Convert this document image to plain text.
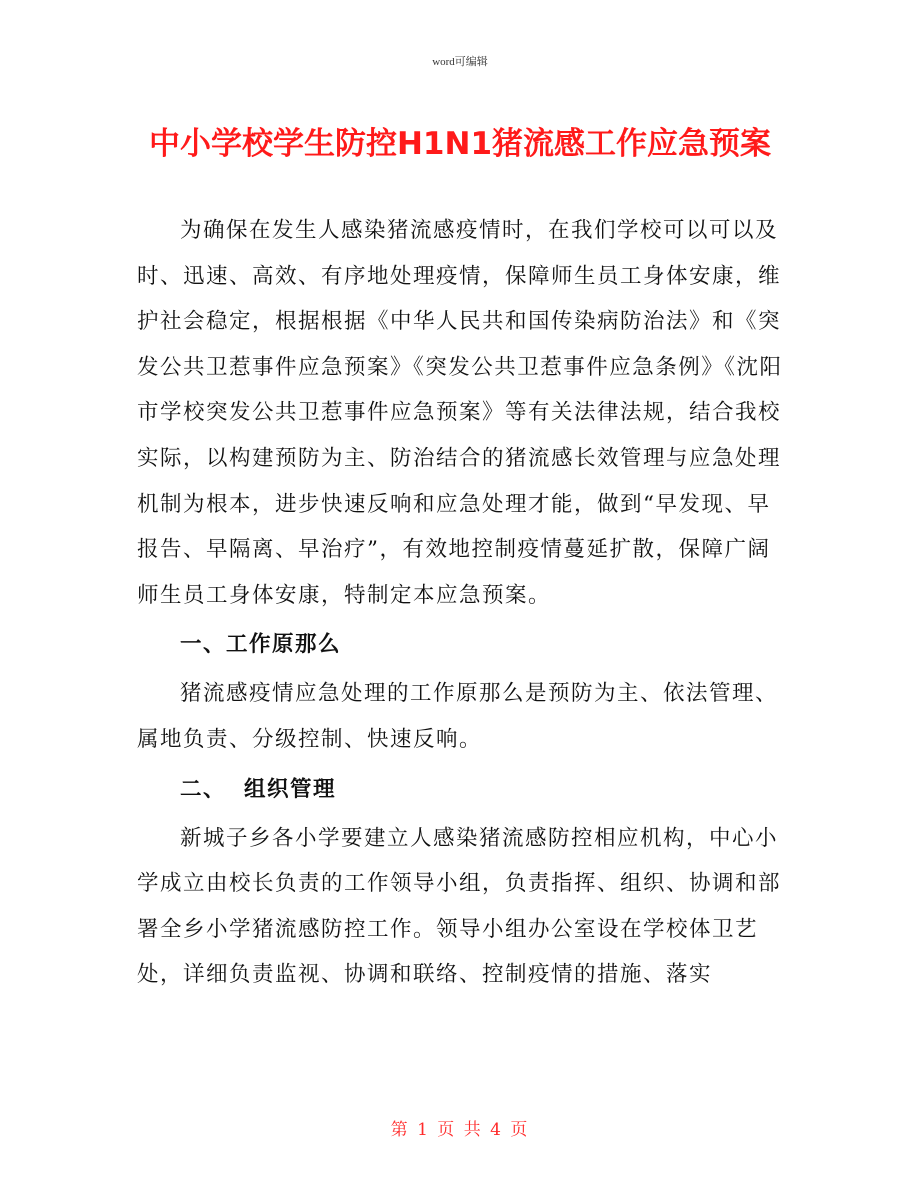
word可编辑
中小学校学生防控H1N1猪流感工作应急预案

为确保在发生人感染猪流感疫情时，在我们学校可以可以及时、迅速、高效、有序地处理疫情，保障师生员工身体安康，维护社会稳定，根据根据《中华人民共和国传染病防治法》和《突发公共卫惹事件应急预案》《突发公共卫惹事件应急条例》《沈阳市学校突发公共卫惹事件应急预案》等有关法律法规，结合我校实际，以构建预防为主、防治结合的猪流感长效管理与应急处理机制为根本，进步快速反响和应急处理才能，做到“早发现、早报告、早隔离、早治疗”，有效地控制疫情蔓延扩散，保障广阔师生员工身体安康，特制定本应急预案。

一、工作原那么

猪流感疫情应急处理的工作原那么是预防为主、依法管理、属地负责、分级控制、快速反响。

二、  组织管理

新城子乡各小学要建立人感染猪流感防控相应机构，中心小学成立由校长负责的工作领导小组，负责指挥、组织、协调和部署全乡小学猪流感防控工作。领导小组办公室设在学校体卫艺处，详细负责监视、协调和联络、控制疫情的措施、落实

第 1 页 共 4 页
